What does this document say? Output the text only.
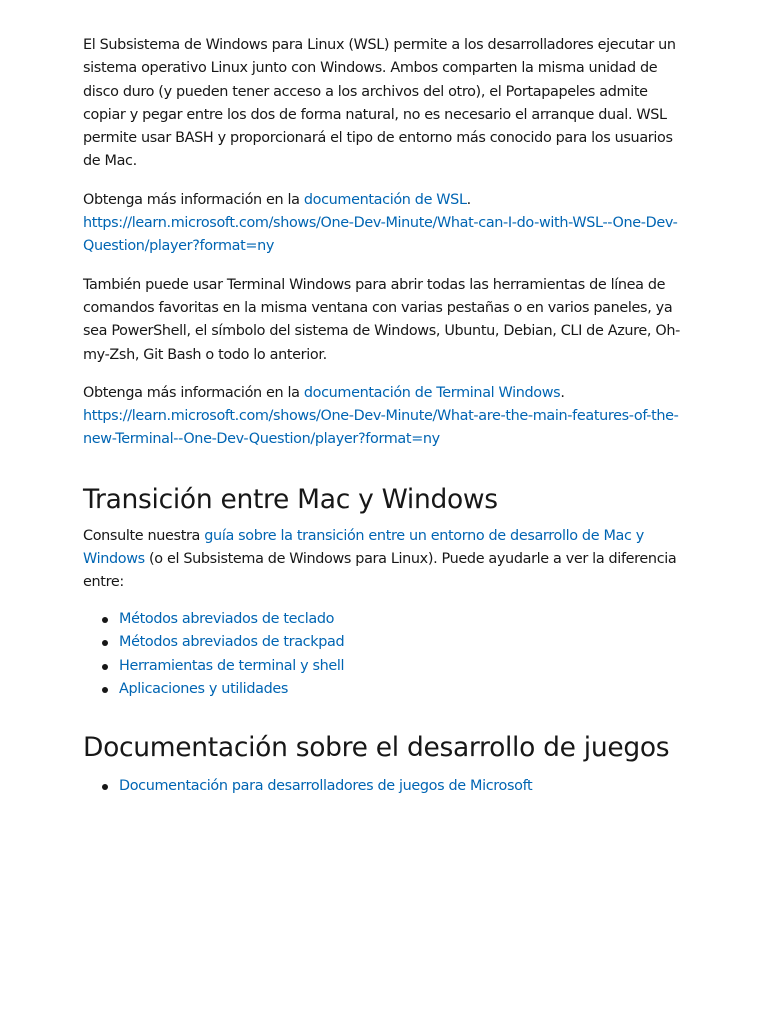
El Subsistema de Windows para Linux (WSL) permite a los desarrolladores ejecutar un sistema operativo Linux junto con Windows. Ambos comparten la misma unidad de disco duro (y pueden tener acceso a los archivos del otro), el Portapapeles admite copiar y pegar entre los dos de forma natural, no es necesario el arranque dual. WSL permite usar BASH y proporcionará el tipo de entorno más conocido para los usuarios de Mac.

Obtenga más información en la documentación de WSL.
https://learn.microsoft.com/shows/One-Dev-Minute/What-can-I-do-with-WSL--One-Dev-Question/player?format=ny

También puede usar Terminal Windows para abrir todas las herramientas de línea de comandos favoritas en la misma ventana con varias pestañas o en varios paneles, ya sea PowerShell, el símbolo del sistema de Windows, Ubuntu, Debian, CLI de Azure, Oh-my-Zsh, Git Bash o todo lo anterior.

Obtenga más información en la documentación de Terminal Windows.
https://learn.microsoft.com/shows/One-Dev-Minute/What-are-the-main-features-of-the-new-Terminal--One-Dev-Question/player?format=ny

Transición entre Mac y Windows

Consulte nuestra guía sobre la transición entre un entorno de desarrollo de Mac y Windows (o el Subsistema de Windows para Linux). Puede ayudarle a ver la diferencia entre:

Métodos abreviados de teclado
Métodos abreviados de trackpad
Herramientas de terminal y shell
Aplicaciones y utilidades
Documentación sobre el desarrollo de juegos
Documentación para desarrolladores de juegos de Microsoft
